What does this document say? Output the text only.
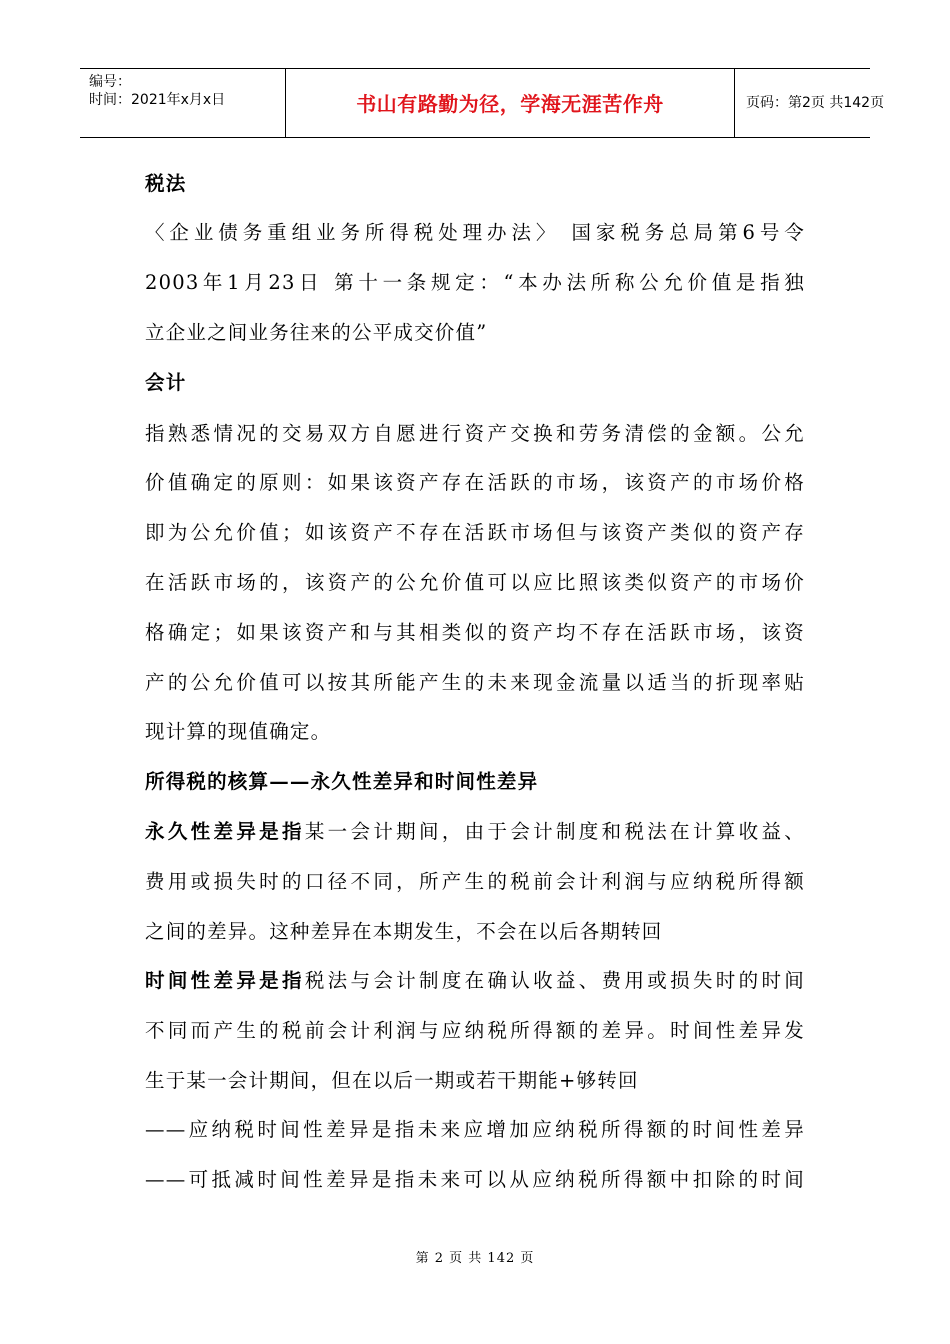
编号：
时间：2021年x月x日	书山有路勤为径，学海无涯苦作舟	页码：第2页 共142页
税法
〈企业债务重组业务所得税处理办法〉 国家税务总局第6号令
2003年1月23日 第十一条规定：“本办法所称公允价值是指独
立企业之间业务往来的公平成交价值”
会计
指熟悉情况的交易双方自愿进行资产交换和劳务清偿的金额。公允
价值确定的原则：如果该资产存在活跃的市场，该资产的市场价格
即为公允价值；如该资产不存在活跃市场但与该资产类似的资产存
在活跃市场的，该资产的公允价值可以应比照该类似资产的市场价
格确定；如果该资产和与其相类似的资产均不存在活跃市场，该资
产的公允价值可以按其所能产生的未来现金流量以适当的折现率贴
现计算的现值确定。
所得税的核算——永久性差异和时间性差异
永久性差异是指某一会计期间，由于会计制度和税法在计算收益、
费用或损失时的口径不同，所产生的税前会计利润与应纳税所得额
之间的差异。这种差异在本期发生，不会在以后各期转回
时间性差异是指税法与会计制度在确认收益、费用或损失时的时间
不同而产生的税前会计利润与应纳税所得额的差异。时间性差异发
生于某一会计期间，但在以后一期或若干期能+够转回
——应纳税时间性差异是指未来应增加应纳税所得额的时间性差异
——可抵减时间性差异是指未来可以从应纳税所得额中扣除的时间
第 2 页 共 142 页
